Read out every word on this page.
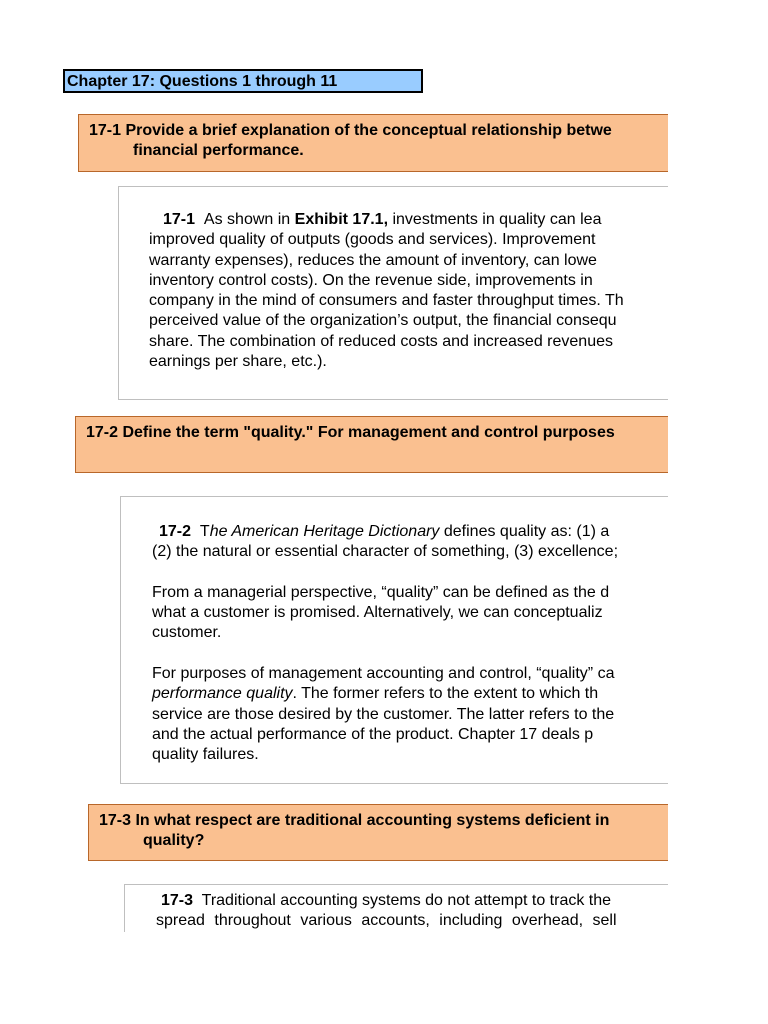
Chapter 17: Questions 1 through 11
17-1 Provide a brief explanation of the conceptual relationship betwe
financial performance.
17-1 As shown in Exhibit 17.1, investments in quality can lea
improved quality of outputs (goods and services). Improvement
warranty expenses), reduces the amount of inventory, can lowe
inventory control costs). On the revenue side, improvements in
company in the mind of consumers and faster throughput times. Th
perceived value of the organization’s output, the financial consequ
share. The combination of reduced costs and increased revenues
earnings per share, etc.).
17-2 Define the term "quality." For management and control purposes
17-2 The American Heritage Dictionary defines quality as: (1) a
(2) the natural or essential character of something, (3) excellence;
From a managerial perspective, “quality” can be defined as the d
what a customer is promised. Alternatively, we can conceptualiz
customer.
For purposes of management accounting and control, “quality” ca
performance quality. The former refers to the extent to which th
service are those desired by the customer. The latter refers to the
and the actual performance of the product. Chapter 17 deals p
quality failures.
17-3 In what respect are traditional accounting systems deficient in
quality?
17-3  Traditional accounting systems do not attempt to track the
spread throughout various accounts, including overhead, sell
